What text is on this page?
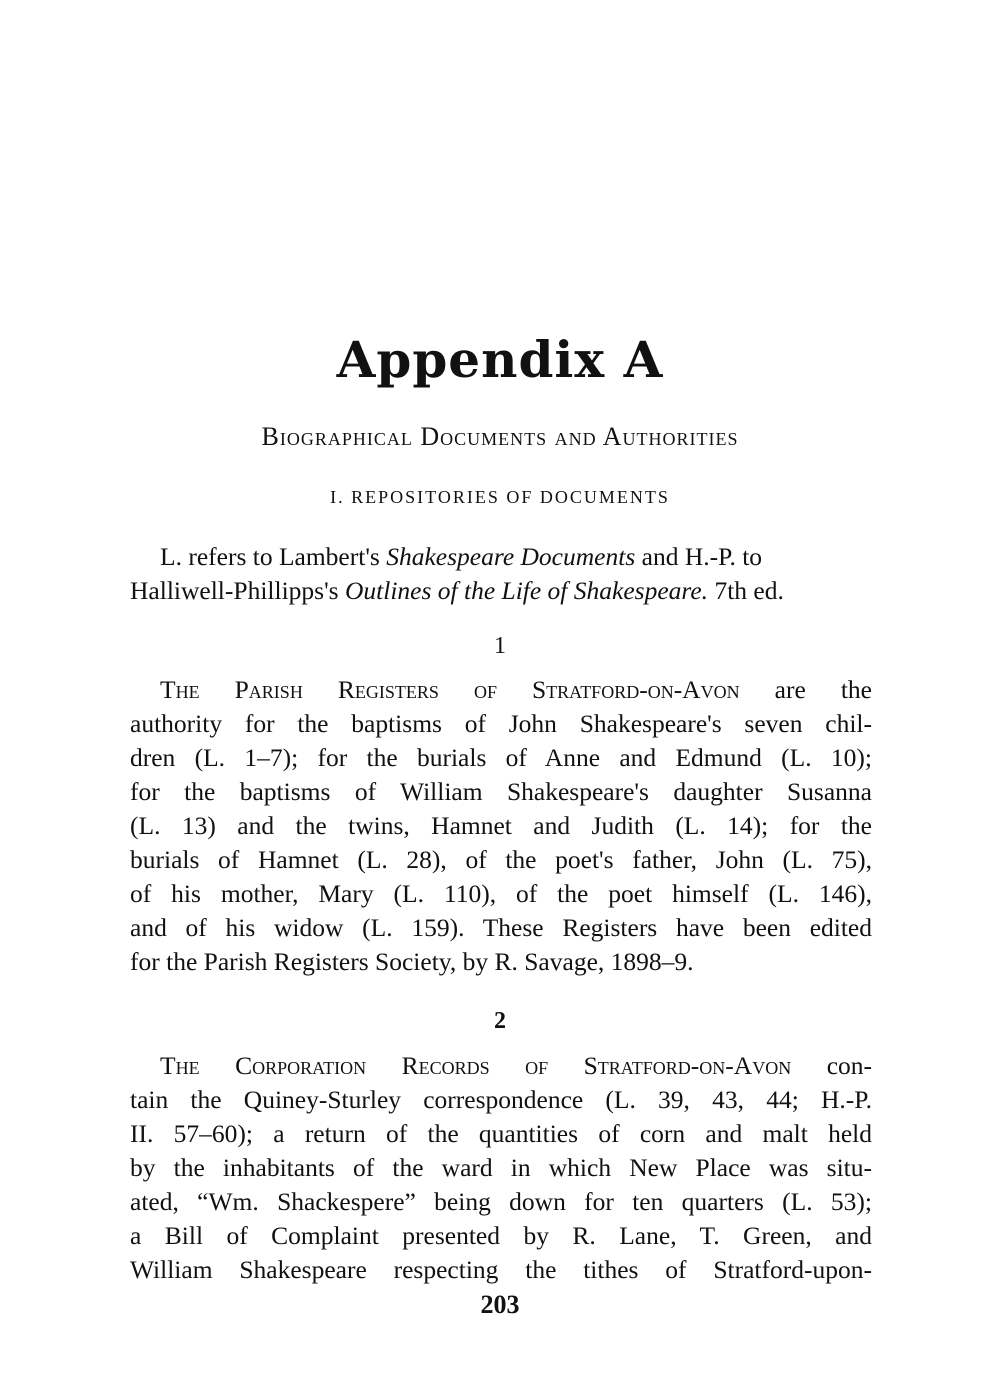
Appendix A
Biographical Documents and Authorities
I. REPOSITORIES OF DOCUMENTS
L. refers to Lambert's Shakespeare Documents and H.-P. to
Halliwell-Phillipps's Outlines of the Life of Shakespeare. 7th ed.
1
The Parish Registers of Stratford-on-Avon are the
authority for the baptisms of John Shakespeare's seven chil-
dren (L. 1–7); for the burials of Anne and Edmund (L. 10);
for the baptisms of William Shakespeare's daughter Susanna
(L. 13) and the twins, Hamnet and Judith (L. 14); for the
burials of Hamnet (L. 28), of the poet's father, John (L. 75),
of his mother, Mary (L. 110), of the poet himself (L. 146),
and of his widow (L. 159). These Registers have been edited
for the Parish Registers Society, by R. Savage, 1898–9.
2
The Corporation Records of Stratford-on-Avon con-
tain the Quiney-Sturley correspondence (L. 39, 43, 44; H.-P.
II. 57–60); a return of the quantities of corn and malt held
by the inhabitants of the ward in which New Place was situ-
ated, “Wm. Shackespere” being down for ten quarters (L. 53);
a Bill of Complaint presented by R. Lane, T. Green, and
William Shakespeare respecting the tithes of Stratford-upon-
203
